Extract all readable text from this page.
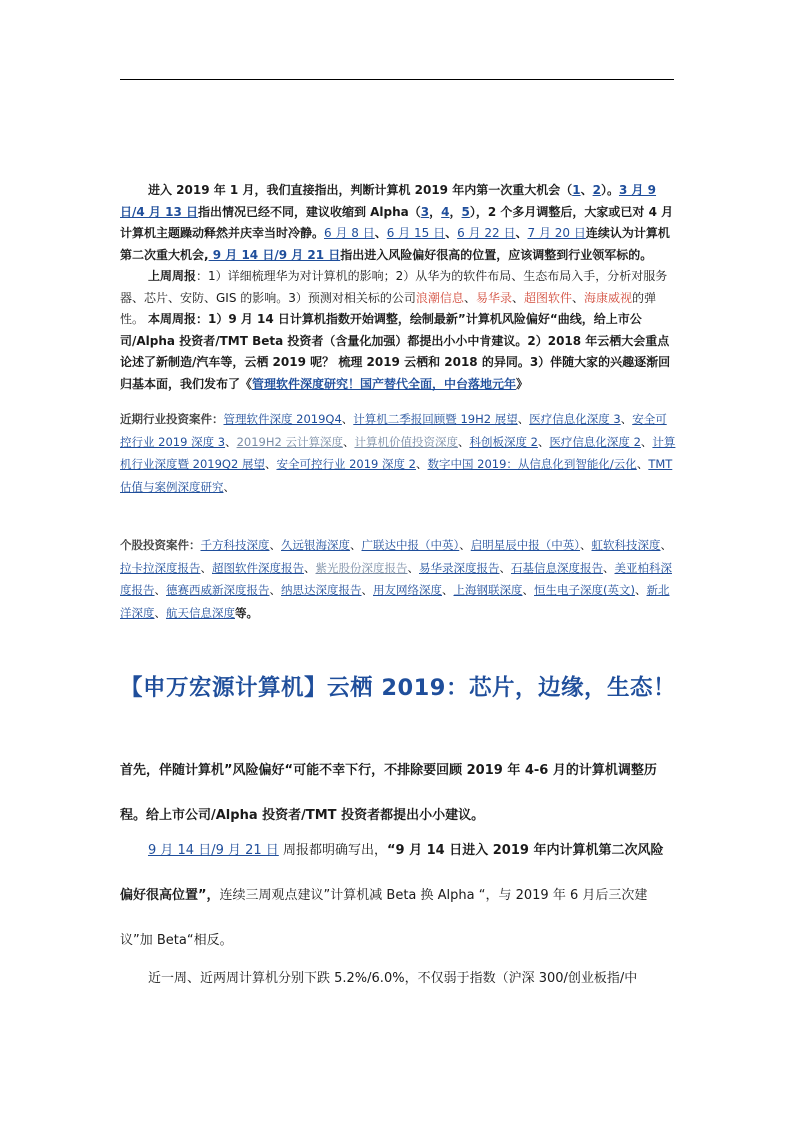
进入 2019 年 1 月，我们直接指出，判断计算机 2019 年内第一次重大机会（1、2）。3 月 9 日/4 月 13 日指出情况已经不同，建议收缩到 Alpha（3，4，5），2 个多月调整后，大家或已对 4 月计算机主题躁动释然并庆幸当时冷静。6 月 8 日、6 月 15 日、6 月 22 日、7 月 20 日连续认为计算机第二次重大机会, 9 月 14 日/9 月 21 日指出进入风险偏好很高的位置，应该调整到行业领军标的。
上周周报：1）详细梳理华为对计算机的影响；2）从华为的软件布局、生态布局入手，分析对服务器、芯片、安防、GIS 的影响。3）预测对相关标的公司浪潮信息、易华录、超图软件、海康威视的弹性。 本周周报：1）9 月 14 日计算机指数开始调整，绘制最新”计算机风险偏好“曲线，给上市公司/Alpha 投资者/TMT Beta 投资者（含量化加强）都提出小小中肯建议。2）2018 年云栖大会重点论述了新制造/汽车等，云栖 2019 呢？ 梳理 2019 云栖和 2018 的异同。3）伴随大家的兴趣逐渐回归基本面，我们发布了《管理软件深度研究！国产替代全面，中台落地元年》
近期行业投资案件：管理软件深度 2019Q4、计算机二季报回顾暨 19H2 展望、医疗信息化深度 3、安全可控行业 2019 深度 3、2019H2 云计算深度、计算机价值投资深度、科创板深度 2、医疗信息化深度 2、计算机行业深度暨 2019Q2 展望、安全可控行业 2019 深度 2、数字中国 2019：从信息化到智能化/云化、TMT 估值与案例深度研究、
个股投资案件：千方科技深度、久远银海深度、广联达中报（中英）、启明星辰中报（中英）、虹软科技深度、拉卡拉深度报告、超图软件深度报告、紫光股份深度报告、易华录深度报告、石基信息深度报告、美亚柏科深度报告、德赛西威新深度报告、纳思达深度报告、用友网络深度、上海钢联深度、恒生电子深度(英文)、新北洋深度、航天信息深度等。
【申万宏源计算机】云栖 2019：芯片，边缘，生态！
首先，伴随计算机”风险偏好“可能不幸下行，不排除要回顾 2019 年 4-6 月的计算机调整历程。给上市公司/Alpha 投资者/TMT 投资者都提出小小建议。
9 月 14 日/9 月 21 日 周报都明确写出，“9 月 14 日进入 2019 年内计算机第二次风险偏好很高位置”，连续三周观点建议”计算机减 Beta 换 Alpha “，与 2019 年 6 月后三次建议”加 Beta“相反。
近一周、近两周计算机分别下跌 5.2%/6.0%，不仅弱于指数（沪深 300/创业板指/中
